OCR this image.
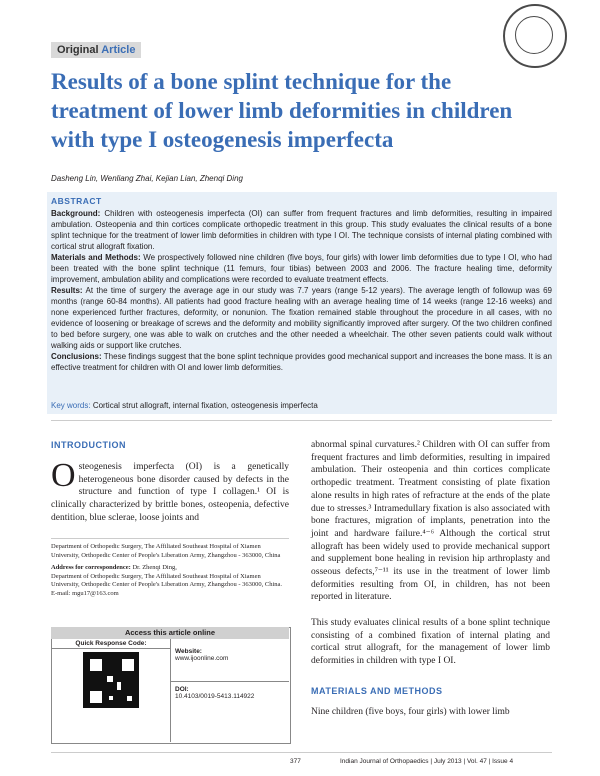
Original Article
Results of a bone splint technique for the treatment of lower limb deformities in children with type I osteogenesis imperfecta
Dasheng Lin, Wenliang Zhai, Kejian Lian, Zhenqi Ding
ABSTRACT
Background: Children with osteogenesis imperfecta (OI) can suffer from frequent fractures and limb deformities, resulting in impaired ambulation. Osteopenia and thin cortices complicate orthopedic treatment in this group. This study evaluates the clinical results of a bone splint technique for the treatment of lower limb deformities in children with type I OI. The technique consists of internal plating combined with cortical strut allograft fixation.
Materials and Methods: We prospectively followed nine children (five boys, four girls) with lower limb deformities due to type I OI, who had been treated with the bone splint technique (11 femurs, four tibias) between 2003 and 2006. The fracture healing time, deformity improvement, ambulation ability and complications were recorded to evaluate treatment effects.
Results: At the time of surgery the average age in our study was 7.7 years (range 5-12 years). The average length of followup was 69 months (range 60-84 months). All patients had good fracture healing with an average healing time of 14 weeks (range 12-16 weeks) and none experienced further fractures, deformity, or nonunion. The fixation remained stable throughout the procedure in all cases, with no evidence of loosening or breakage of screws and the deformity and mobility significantly improved after surgery. Of the two children confined to bed before surgery, one was able to walk on crutches and the other needed a wheelchair. The other seven patients could walk without walking aids or support like crutches.
Conclusions: These findings suggest that the bone splint technique provides good mechanical support and increases the bone mass. It is an effective treatment for children with OI and lower limb deformities.
Key words: Cortical strut allograft, internal fixation, osteogenesis imperfecta
INTRODUCTION
Osteogenesis imperfecta (OI) is a genetically heterogeneous bone disorder caused by defects in the structure and function of type I collagen.¹ OI is clinically characterized by brittle bones, osteopenia, defective dentition, blue sclerae, loose joints and
Department of Orthopedic Surgery, The Affiliated Southeast Hospital of Xiamen University, Orthopedic Center of People's Liberation Army, Zhangzhou - 363000, China
Address for correspondence: Dr. Zhenqi Ding,
Department of Orthopedic Surgery, The Affiliated Southeast Hospital of Xiamen University, Orthopedic Center of People's Liberation Army, Zhangzhou - 363000, China.
E-mail: mgu17@163.com
Access this article online
Quick Response Code:
Website:
www.ijoonline.com
DOI:
10.4103/0019-5413.114922
abnormal spinal curvatures.² Children with OI can suffer from frequent fractures and limb deformities, resulting in impaired ambulation. Their osteopenia and thin cortices complicate orthopedic treatment. Treatment consisting of plate fixation alone results in high rates of refracture at the ends of the plate due to stresses.³ Intramedullary fixation is also associated with bone fractures, migration of implants, penetration into the joint and hardware failure.⁴⁻⁶ Although the cortical strut allograft has been widely used to provide mechanical support and supplement bone healing in revision hip arthroplasty and osseous defects,⁷⁻¹¹ its use in the treatment of lower limb deformities resulting from OI, in children, has not been reported in literature.
This study evaluates clinical results of a bone splint technique consisting of a combined fixation of internal plating and cortical strut allograft, for the management of lower limb deformities in children with type I OI.
MATERIALS AND METHODS
Nine children (five boys, four girls) with lower limb
377	Indian Journal of Orthopaedics | July 2013 | Vol. 47 | Issue 4
